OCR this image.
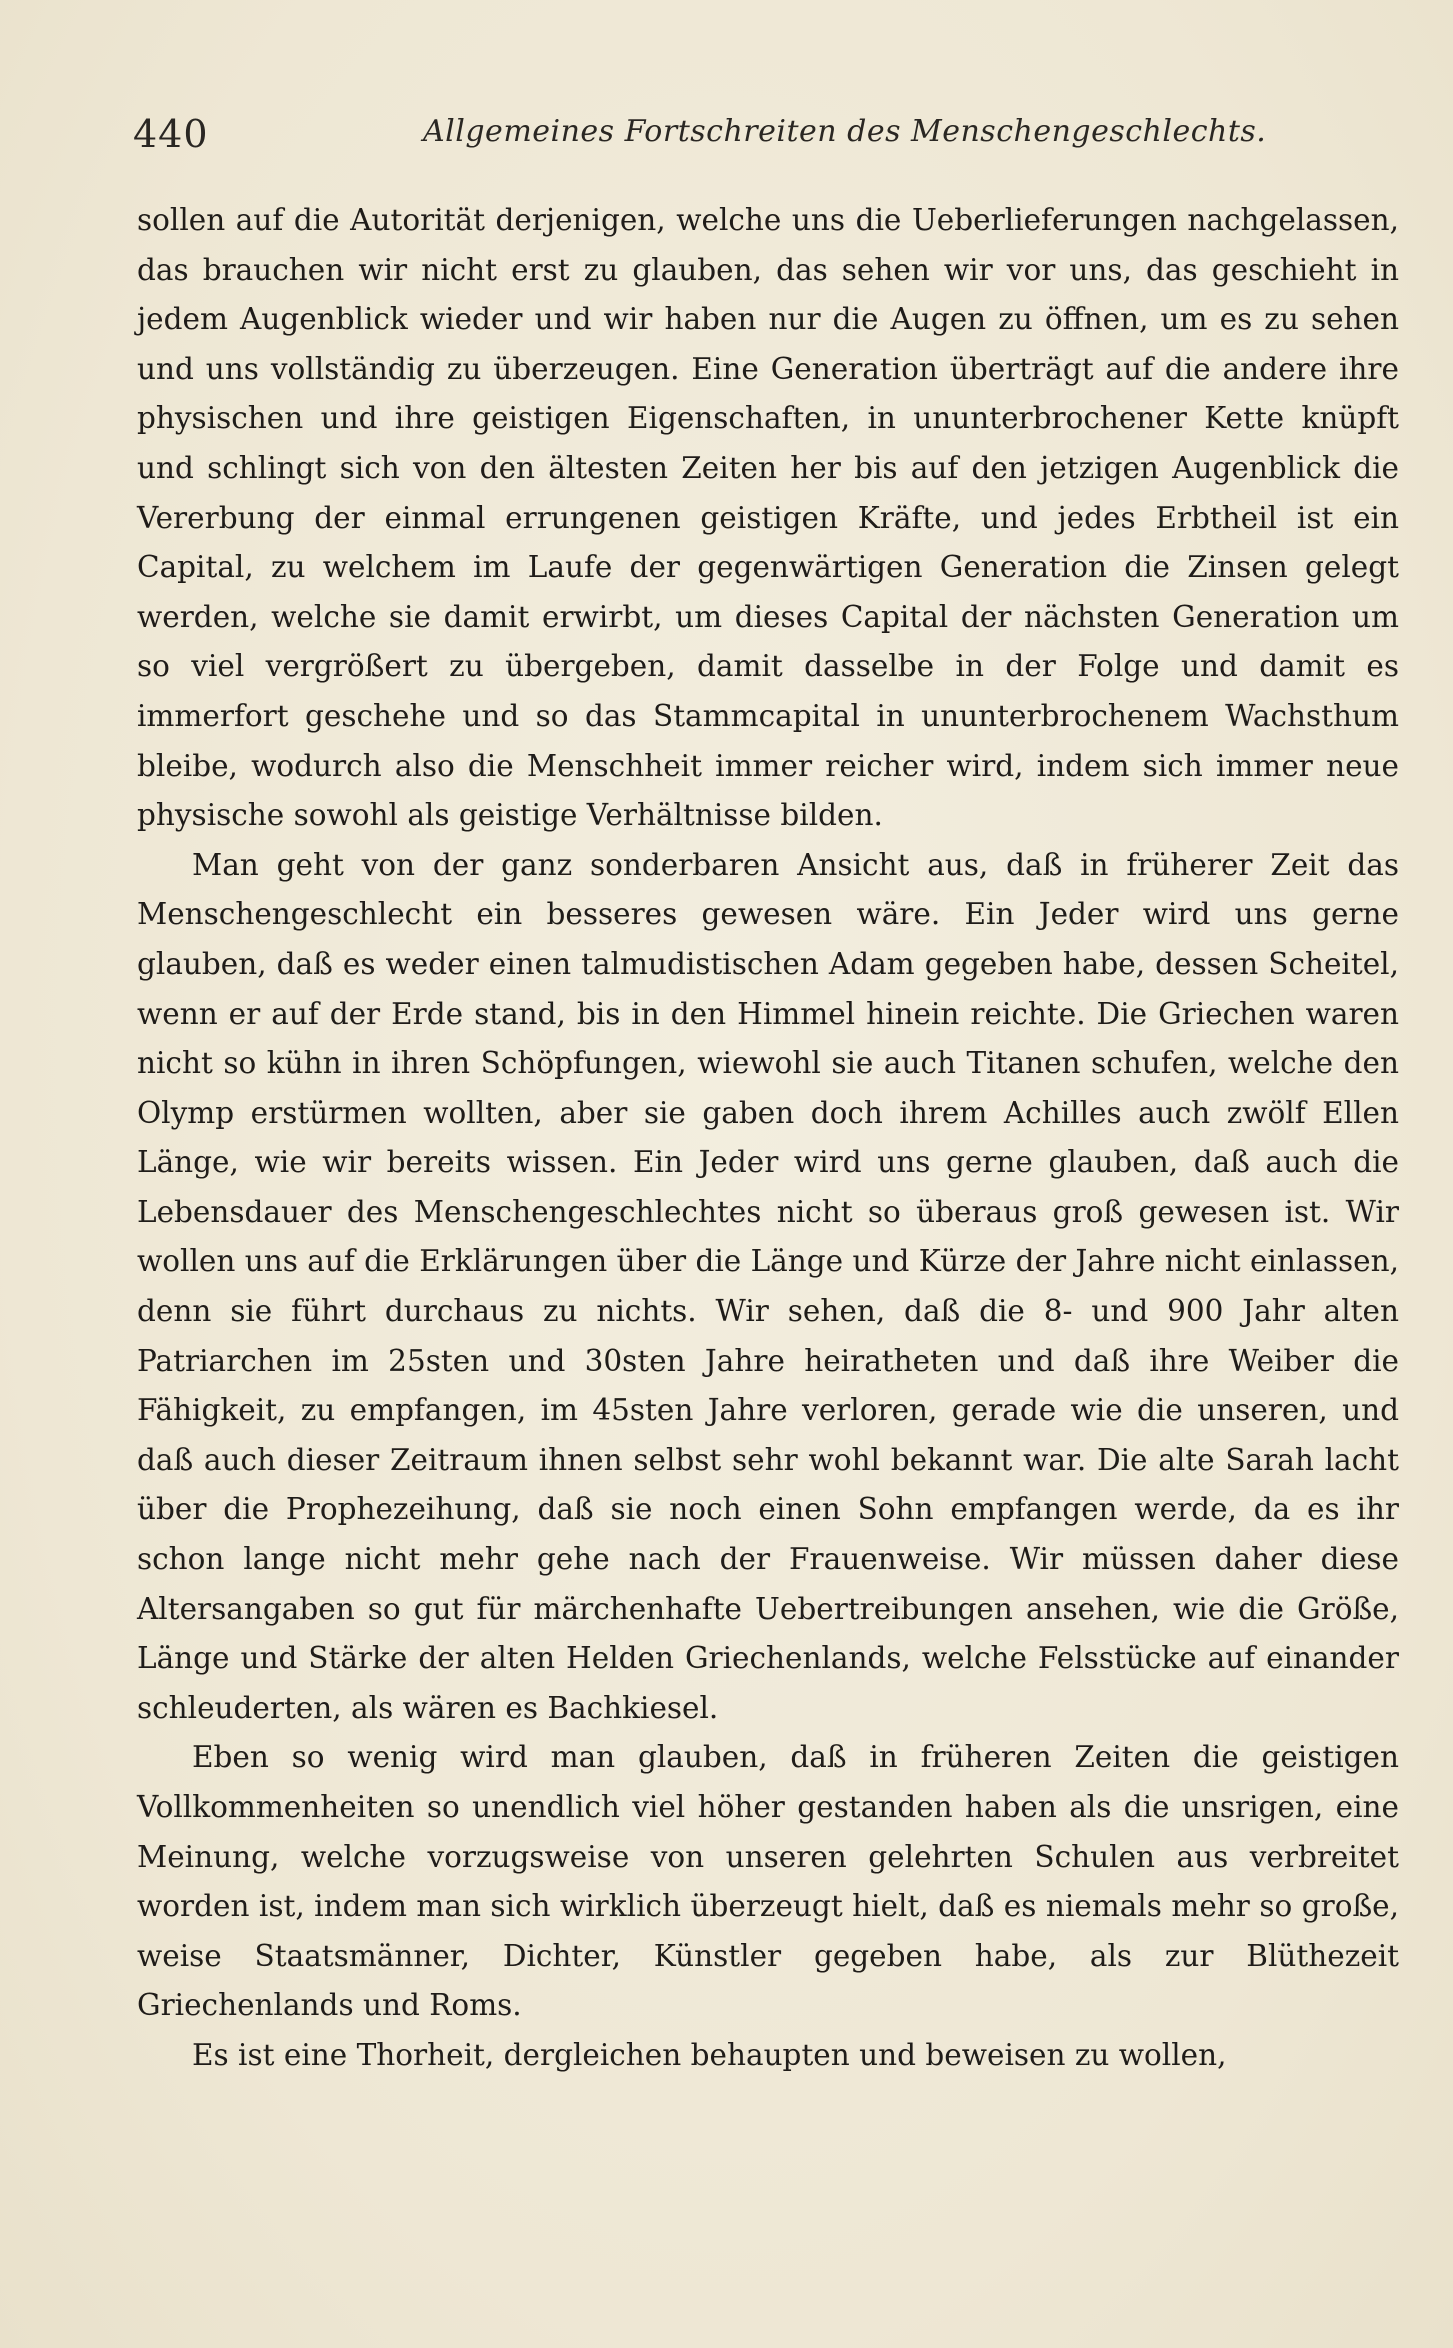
440	Allgemeines Fortschreiten des Menschengeschlechts.

sollen auf die Autorität derjenigen, welche uns die Ueberlieferungen nachgelassen, das brauchen wir nicht erst zu glauben, das sehen wir vor uns, das geschieht in jedem Augenblick wieder und wir haben nur die Augen zu öffnen, um es zu sehen und uns vollständig zu überzeugen. Eine Generation überträgt auf die andere ihre physischen und ihre geistigen Eigenschaften, in ununterbrochener Kette knüpft und schlingt sich von den ältesten Zeiten her bis auf den jetzigen Augenblick die Vererbung der einmal errungenen geistigen Kräfte, und jedes Erbtheil ist ein Capital, zu welchem im Laufe der gegenwärtigen Generation die Zinsen gelegt werden, welche sie damit erwirbt, um dieses Capital der nächsten Generation um so viel vergrößert zu übergeben, damit dasselbe in der Folge und damit es immerfort geschehe und so das Stammcapital in ununterbrochenem Wachsthum bleibe, wodurch also die Menschheit immer reicher wird, indem sich immer neue physische sowohl als geistige Verhältnisse bilden.

Man geht von der ganz sonderbaren Ansicht aus, daß in früherer Zeit das Menschengeschlecht ein besseres gewesen wäre. Ein Jeder wird uns gerne glauben, daß es weder einen talmudistischen Adam gegeben habe, dessen Scheitel, wenn er auf der Erde stand, bis in den Himmel hinein reichte. Die Griechen waren nicht so kühn in ihren Schöpfungen, wiewohl sie auch Titanen schufen, welche den Olymp erstürmen wollten, aber sie gaben doch ihrem Achilles auch zwölf Ellen Länge, wie wir bereits wissen. Ein Jeder wird uns gerne glauben, daß auch die Lebensdauer des Menschengeschlechtes nicht so überaus groß gewesen ist. Wir wollen uns auf die Erklärungen über die Länge und Kürze der Jahre nicht einlassen, denn sie führt durchaus zu nichts. Wir sehen, daß die 8- und 900 Jahr alten Patriarchen im 25sten und 30sten Jahre heiratheten und daß ihre Weiber die Fähigkeit, zu empfangen, im 45sten Jahre verloren, gerade wie die unseren, und daß auch dieser Zeitraum ihnen selbst sehr wohl bekannt war. Die alte Sarah lacht über die Prophezeihung, daß sie noch einen Sohn empfangen werde, da es ihr schon lange nicht mehr gehe nach der Frauenweise. Wir müssen daher diese Altersangaben so gut für märchenhafte Uebertreibungen ansehen, wie die Größe, Länge und Stärke der alten Helden Griechenlands, welche Felsstücke auf einander schleuderten, als wären es Bachkiesel.

Eben so wenig wird man glauben, daß in früheren Zeiten die geistigen Vollkommenheiten so unendlich viel höher gestanden haben als die unsrigen, eine Meinung, welche vorzugsweise von unseren gelehrten Schulen aus verbreitet worden ist, indem man sich wirklich überzeugt hielt, daß es niemals mehr so große, weise Staatsmänner, Dichter, Künstler gegeben habe, als zur Blüthezeit Griechenlands und Roms.

Es ist eine Thorheit, dergleichen behaupten und beweisen zu wollen,
